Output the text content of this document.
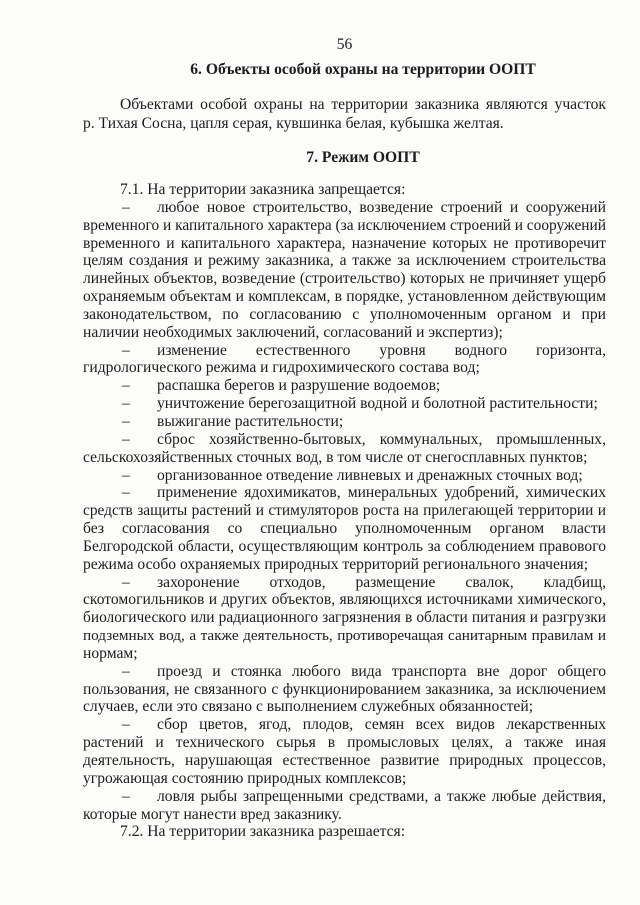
56
6. Объекты особой охраны на территории ООПТ
Объектами особой охраны на территории заказника являются участок
р. Тихая Сосна, цапля серая, кувшинка белая, кубышка желтая.
7. Режим ООПТ
7.1. На территории заказника запрещается:
– любое новое строительство, возведение строений и сооружений
временного и капитального характера (за исключением строений и сооружений
временного и капитального характера, назначение которых не противоречит
целям создания и режиму заказника, а также за исключением строительства
линейных объектов, возведение (строительство) которых не причиняет ущерб
охраняемым объектам и комплексам, в порядке, установленном действующим
законодательством, по согласованию с уполномоченным органом и при
наличии необходимых заключений, согласований и экспертиз);
– изменение естественного уровня водного горизонта,
гидрологического режима и гидрохимического состава вод;
– распашка берегов и разрушение водоемов;
– уничтожение берегозащитной водной и болотной растительности;
– выжигание растительности;
– сброс хозяйственно-бытовых, коммунальных, промышленных,
сельскохозяйственных сточных вод, в том числе от снегосплавных пунктов;
– организованное отведение ливневых и дренажных сточных вод;
– применение ядохимикатов, минеральных удобрений, химических
средств защиты растений и стимуляторов роста на прилегающей территории и
без согласования со специально уполномоченным органом власти
Белгородской области, осуществляющим контроль за соблюдением правового
режима особо охраняемых природных территорий регионального значения;
– захоронение отходов, размещение свалок, кладбищ,
скотомогильников и других объектов, являющихся источниками химического,
биологического или радиационного загрязнения в области питания и разгрузки
подземных вод, а также деятельность, противоречащая санитарным правилам и
нормам;
– проезд и стоянка любого вида транспорта вне дорог общего
пользования, не связанного с функционированием заказника, за исключением
случаев, если это связано с выполнением служебных обязанностей;
– сбор цветов, ягод, плодов, семян всех видов лекарственных
растений и технического сырья в промысловых целях, а также иная
деятельность, нарушающая естественное развитие природных процессов,
угрожающая состоянию природных комплексов;
– ловля рыбы запрещенными средствами, а также любые действия,
которые могут нанести вред заказнику.
7.2. На территории заказника разрешается:
